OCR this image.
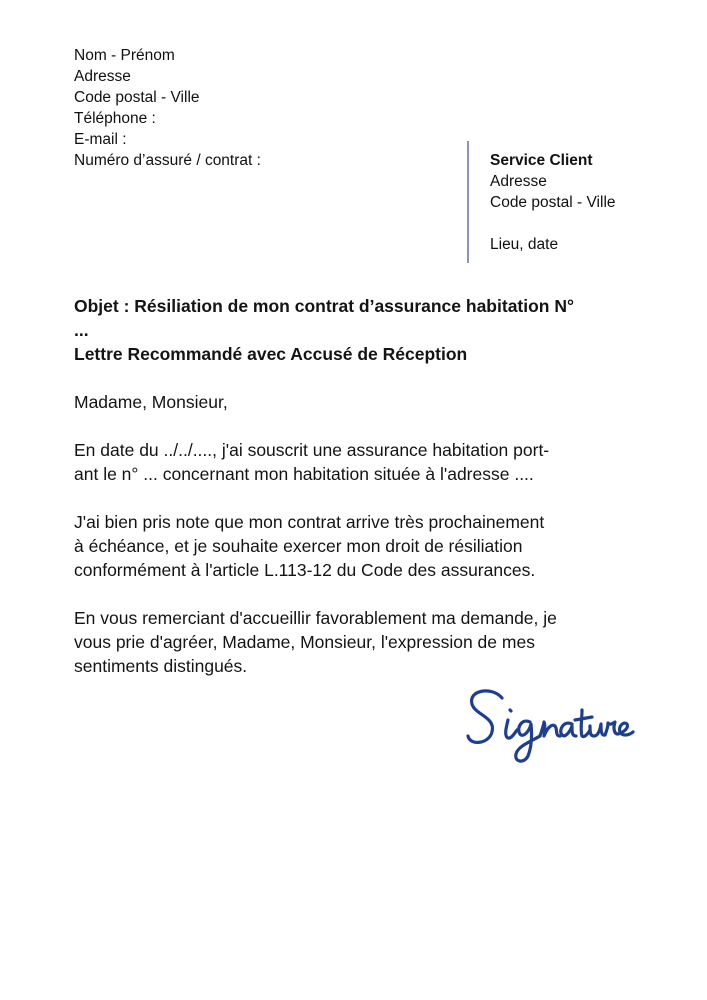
Nom - Prénom
Adresse
Code postal - Ville
Téléphone :
E-mail :
Numéro d’assuré / contrat :	Service Client
Adresse
Code postal - Ville
Lieu, date
Objet : Résiliation de mon contrat d’assurance habitation N°
...
Lettre Recommandé avec Accusé de Réception

Madame, Monsieur,

En date du ../../...., j'ai souscrit une assurance habitation port-
ant le n° ... concernant mon habitation située à l'adresse ....

J'ai bien pris note que mon contrat arrive très prochainement
à échéance, et je souhaite exercer mon droit de résiliation
conformément à l'article L.113-12 du Code des assurances.

En vous remerciant d'accueillir favorablement ma demande, je
vous prie d'agréer, Madame, Monsieur, l'expression de mes
sentiments distingués.
